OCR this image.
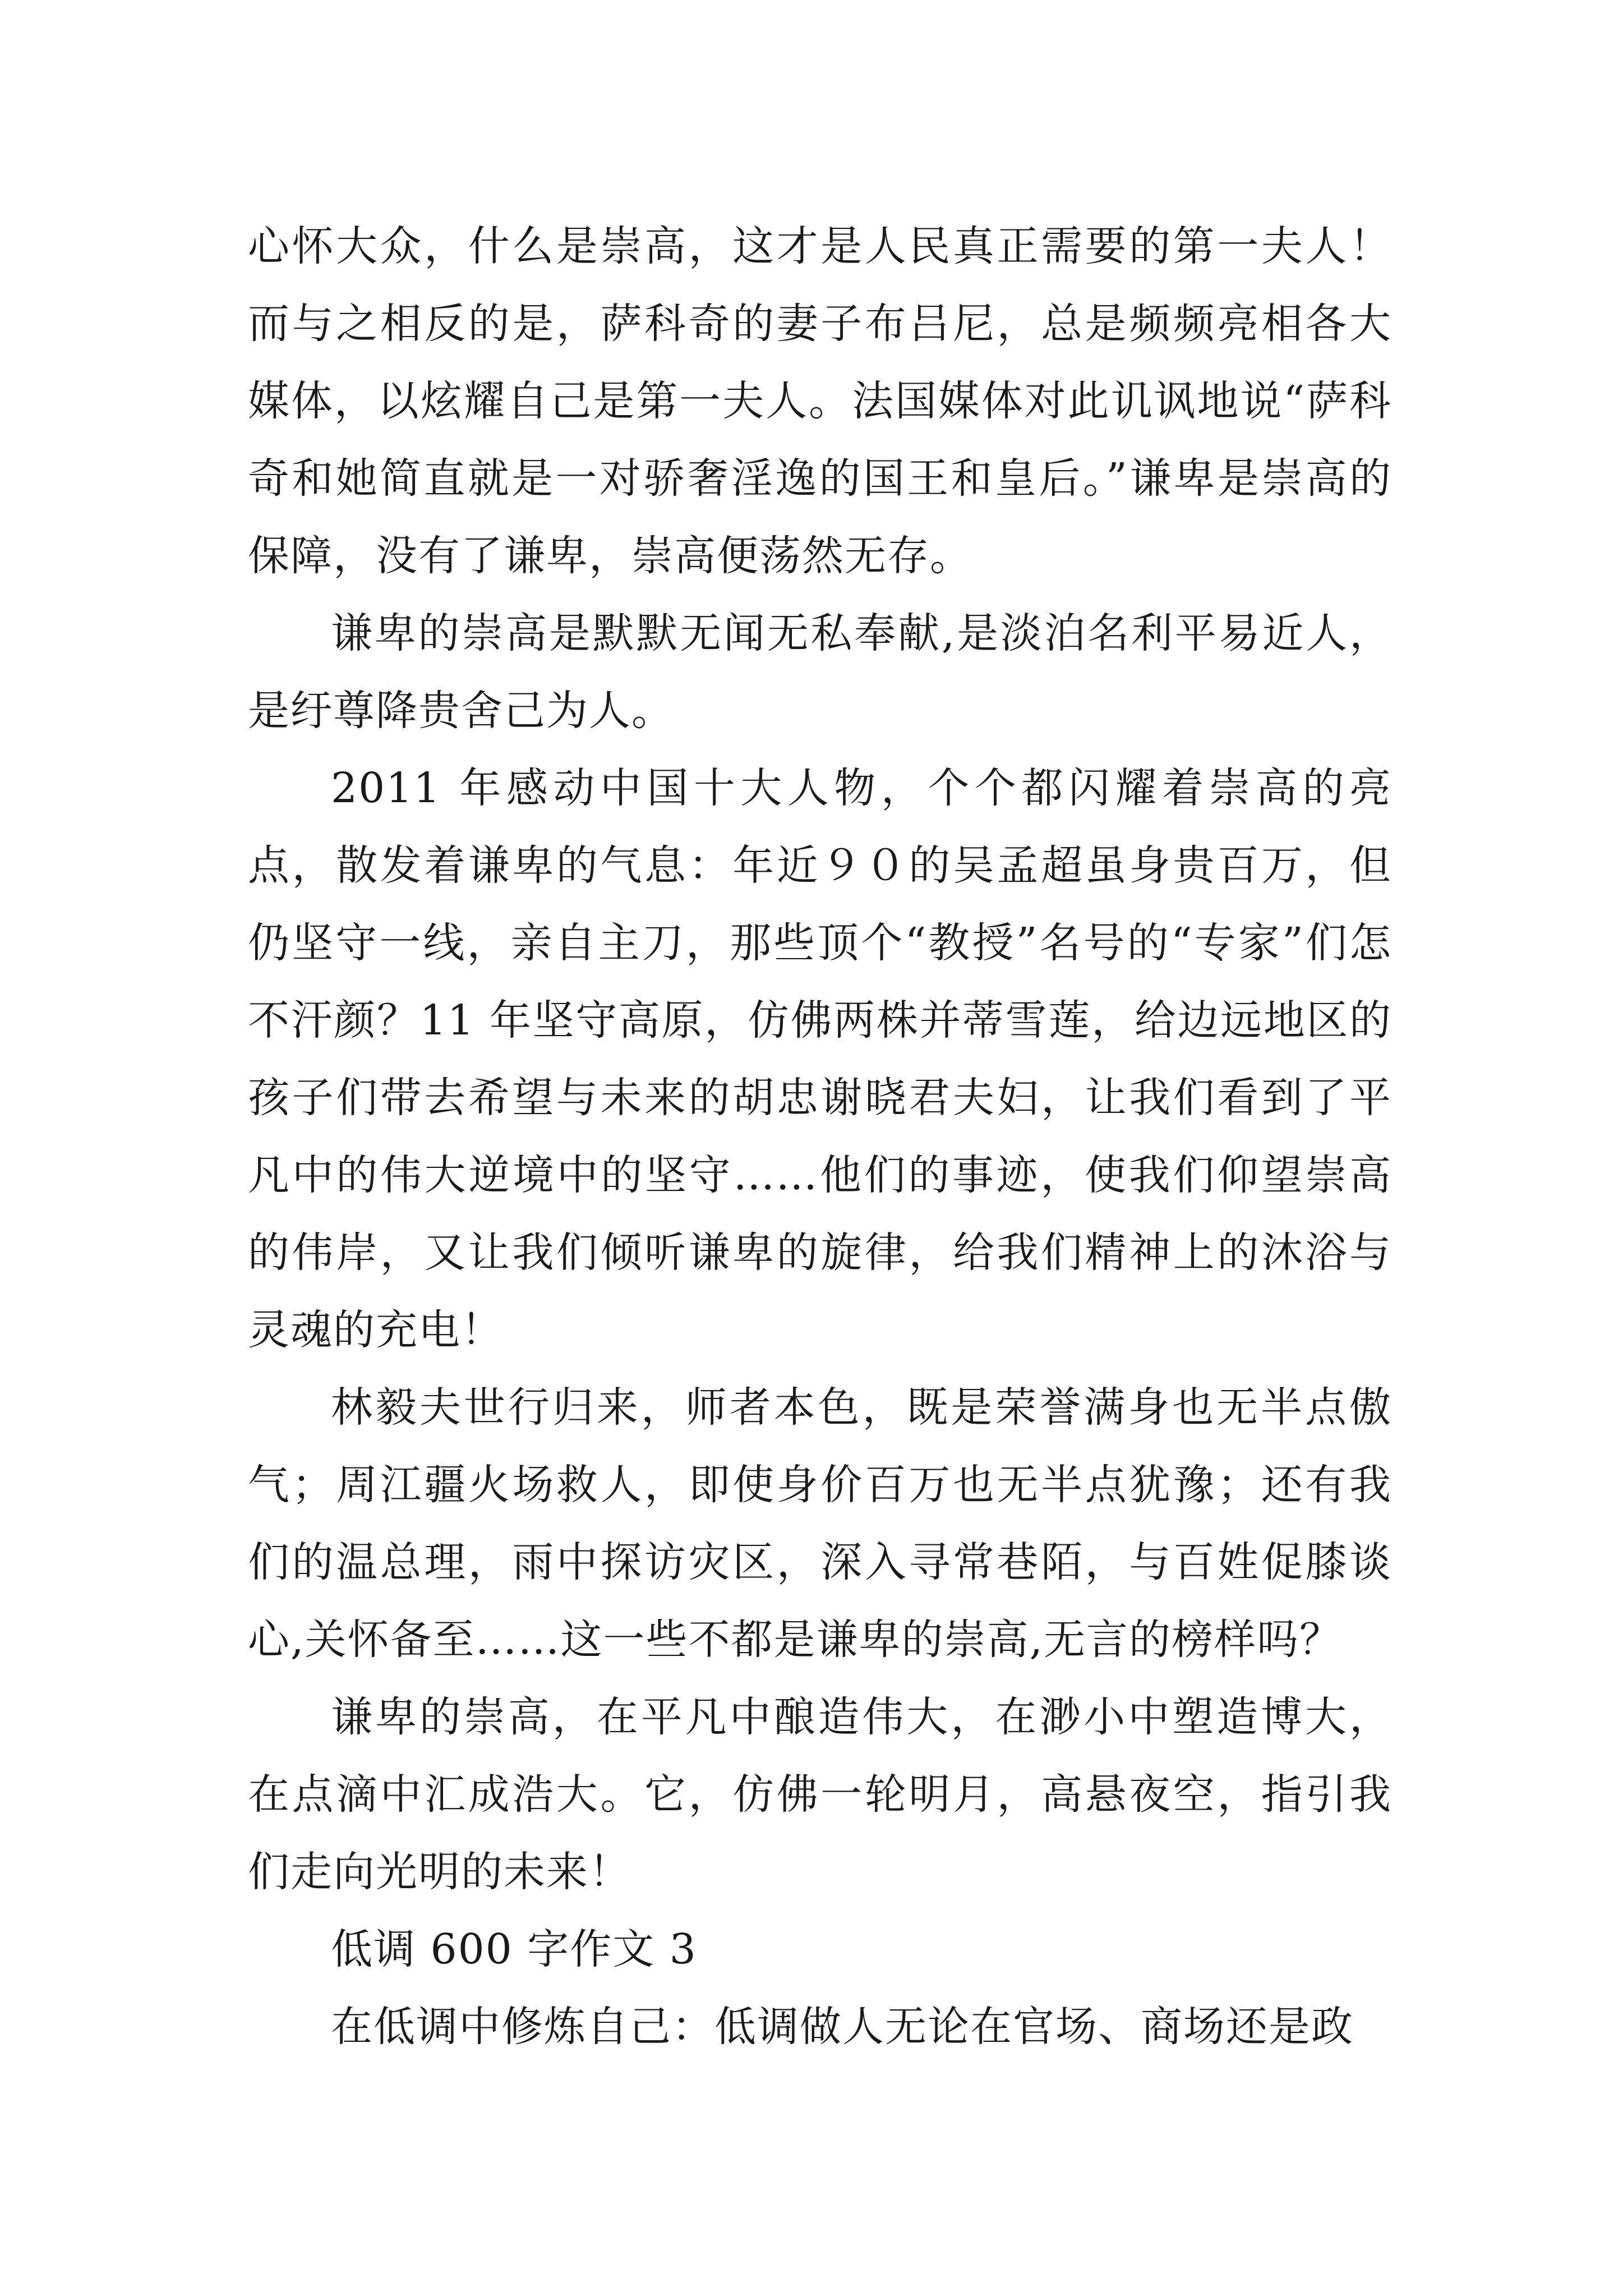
心怀大众，什么是崇高，这才是人民真正需要的第一夫人！而与之相反的是，萨科奇的妻子布吕尼，总是频频亮相各大媒体，以炫耀自己是第一夫人。法国媒体对此讥讽地说“萨科奇和她简直就是一对骄奢淫逸的国王和皇后。”谦卑是崇高的保障，没有了谦卑，崇高便荡然无存。

谦卑的崇高是默默无闻无私奉献,是淡泊名利平易近人，是纡尊降贵舍己为人。

2011 年感动中国十大人物，个个都闪耀着崇高的亮点，散发着谦卑的气息：年近９０的吴孟超虽身贵百万，但仍坚守一线，亲自主刀，那些顶个“教授”名号的“专家”们怎不汗颜？11 年坚守高原，仿佛两株并蒂雪莲，给边远地区的孩子们带去希望与未来的胡忠谢晓君夫妇，让我们看到了平凡中的伟大逆境中的坚守……他们的事迹，使我们仰望崇高的伟岸，又让我们倾听谦卑的旋律，给我们精神上的沐浴与灵魂的充电！

林毅夫世行归来，师者本色，既是荣誉满身也无半点傲气；周江疆火场救人，即使身价百万也无半点犹豫；还有我们的温总理，雨中探访灾区，深入寻常巷陌，与百姓促膝谈心,关怀备至……这一些不都是谦卑的崇高,无言的榜样吗？

谦卑的崇高，在平凡中酿造伟大，在渺小中塑造博大，在点滴中汇成浩大。它，仿佛一轮明月，高悬夜空，指引我们走向光明的未来！

低调 600 字作文 3

在低调中修炼自己：低调做人无论在官场、商场还是政
